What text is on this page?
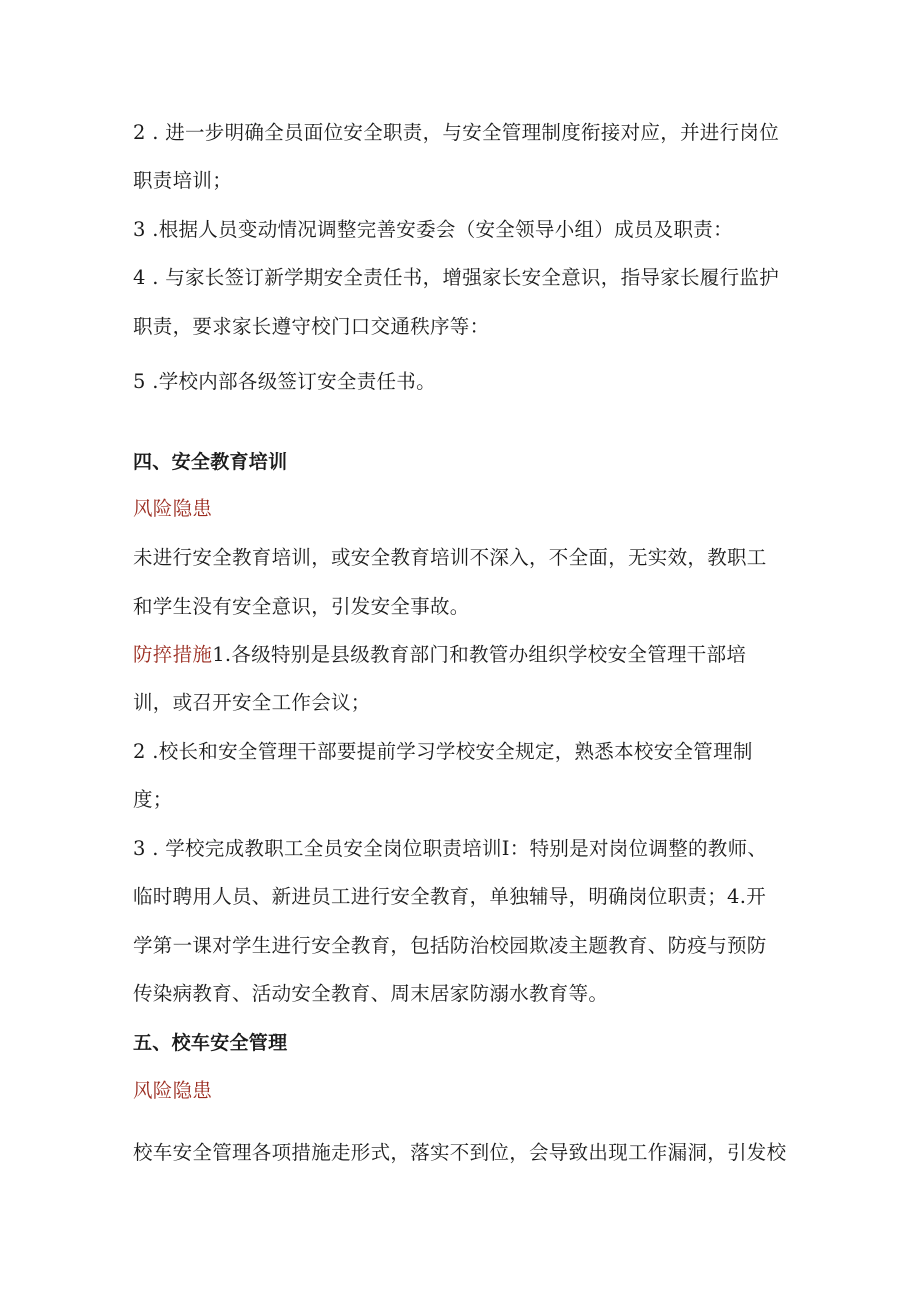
2 . 进一步明确全员面位安全职责，与安全管理制度衔接对应，并进行岗位
职责培训；
3 .根据人员变动情况调整完善安委会（安全领导小组）成员及职责：
4 . 与家长签订新学期安全责任书，增强家长安全意识，指导家长履行监护
职责，要求家长遵守校门口交通秩序等：
5 .学校内部各级签订安全责任书。
四、安全教育培训
风险隐患
未进行安全教育培训，或安全教育培训不深入，不全面，无实效，教职工
和学生没有安全意识，引发安全事故。
防捽措施1.各级特别是县级教育部门和教管办组织学校安全管理干部培
训，或召开安全工作会议；
2 .校长和安全管理干部要提前学习学校安全规定，熟悉本校安全管理制
度；
3 . 学校完成教职工全员安全岗位职责培训I：特别是对岗位调整的教师、
临时聘用人员、新进员工进行安全教育，单独辅导，明确岗位职责；4.开
学第一课对学生进行安全教育，包括防治校园欺凌主题教育、防疫与预防
传染病教育、活动安全教育、周末居家防溺水教育等。
五、校车安全管理
风险隐患
校车安全管理各项措施走形式，落实不到位，会导致出现工作漏洞，引发校
